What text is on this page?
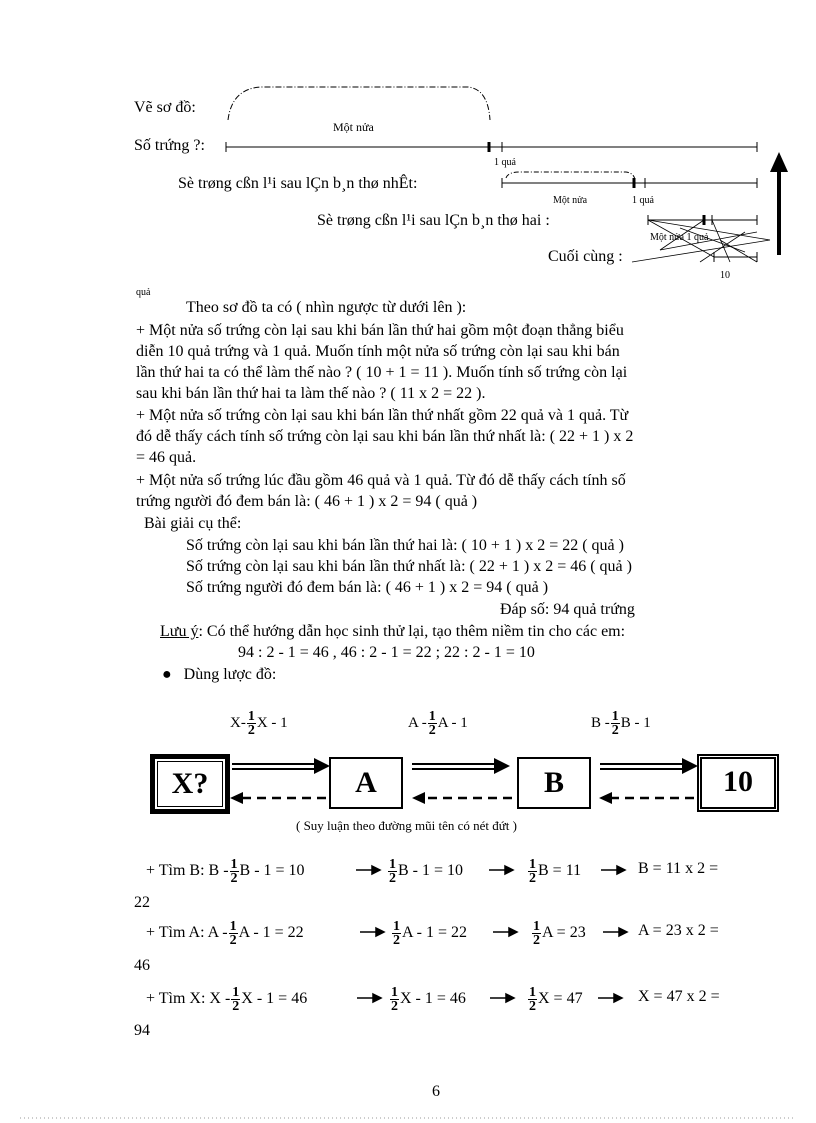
Vẽ sơ đồ:
Số trứng ?:
Một nửa
1 quả
Sè trøng cßn l¹i sau lÇn b¸n thø nhÊt:
Một nửa	1 quả
Sè trøng cßn l¹i sau lÇn b¸n thø hai :
Một nửa 1 quả
Cuối cùng :
10
quả
Theo sơ đồ ta có ( nhìn ngược từ dưới lên ):
+ Một nửa số trứng còn lại sau khi bán lần thứ hai gồm một đoạn thẳng biểu
diễn 10 quả trứng và 1 quả. Muốn tính một nửa số trứng còn lại sau khi bán
lần thứ hai ta có thể làm thế nào ? ( 10 + 1 = 11 ). Muốn tính số trứng còn lại
sau khi bán lần thứ hai ta làm thế nào ? ( 11 x 2 = 22 ).
+ Một nửa số trứng còn lại sau khi bán lần thứ nhất gồm 22 quả và 1 quả. Từ
đó dễ thấy cách tính số trứng còn lại sau khi bán lần thứ nhất là: ( 22 + 1 ) x 2
= 46 quả.
+ Một nửa số trứng lúc đầu gồm 46 quả và 1 quả. Từ đó dễ thấy cách tính số
trứng người đó đem bán là: ( 46 + 1 ) x 2 = 94 ( quả )
Bài giải cụ thể:
Số trứng còn lại sau khi bán lần thứ hai là: ( 10 + 1 ) x 2 = 22 ( quả )
Số trứng còn lại sau khi bán lần thứ nhất là: ( 22 + 1 ) x 2 = 46 ( quả )
Số trứng người đó đem bán là: ( 46 + 1 ) x 2 = 94 ( quả )
Đáp số: 94 quả trứng
Lưu ý: Có thể hướng dẫn học sinh thử lại, tạo thêm niềm tin cho các em:
94 : 2 - 1 = 46 , 46 : 2 - 1 = 22 ; 22 : 2 - 1 = 10
● Dùng lược đồ:
$X- \frac{1}{2}$ X - 1	A - $\frac{1}{2}$ A - 1	B - $\frac{1}{2}$ B - 1
X?	A	B	10
( Suy luận theo đường mũi tên có nét đứt )
+ Tìm B: B - $\frac{1}{2}$ B - 1 = 10	$\frac{1}{2}$ B - 1 = 10	$\frac{1}{2}$ B = 11	B = 11 x 2 =
22
+ Tìm A: A - $\frac{1}{2}$ A - 1 = 22	$\frac{1}{2}$ A - 1 = 22	$\frac{1}{2}$ A = 23	A = 23 x 2 =
46
+ Tìm X: X - $\frac{1}{2}$ X - 1 = 46	$\frac{1}{2}$ X - 1 = 46	$\frac{1}{2}$ X = 47	X = 47 x 2 =
94
6
